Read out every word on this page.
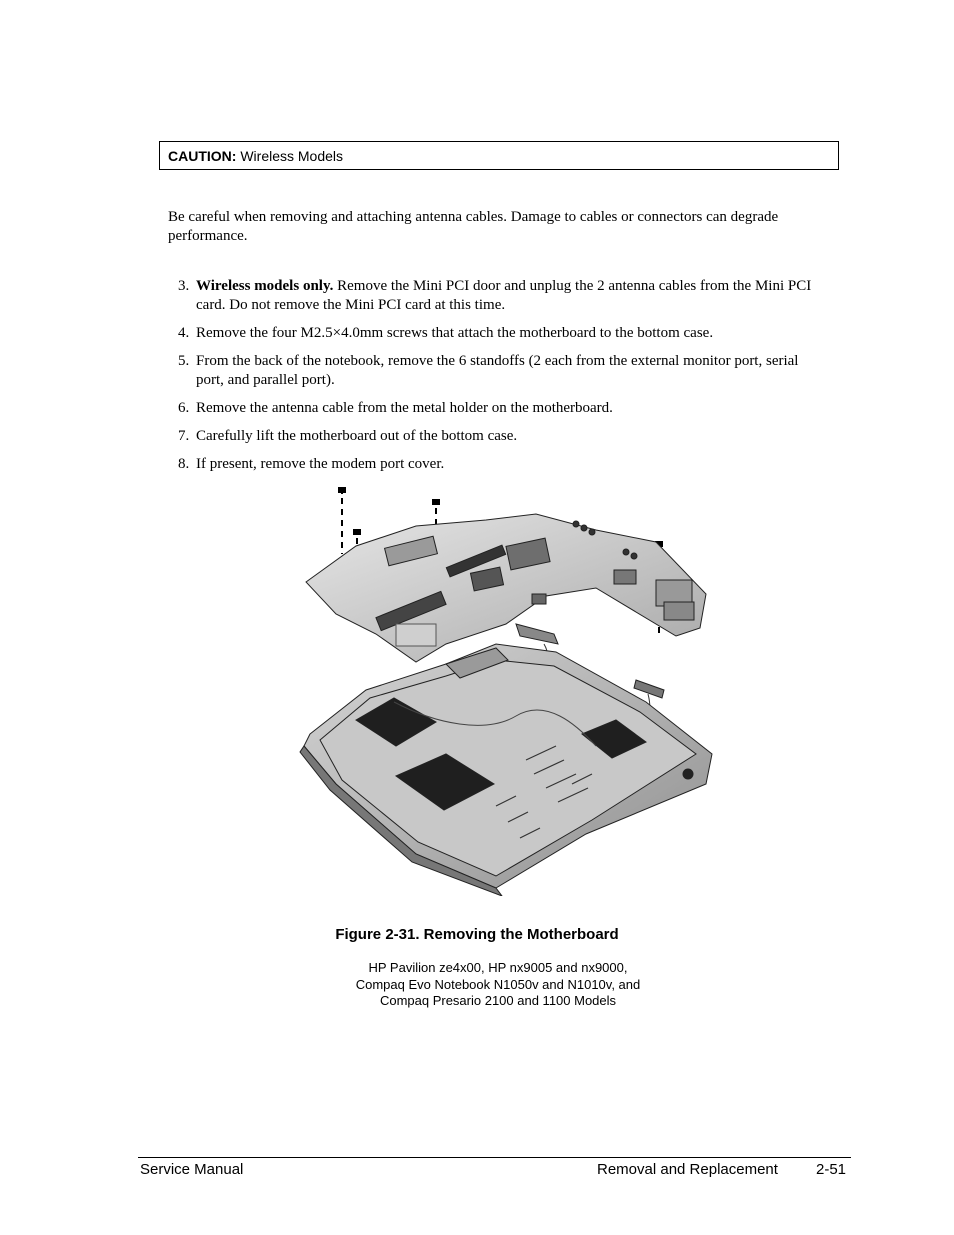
CAUTION: Wireless Models
Be careful when removing and attaching antenna cables. Damage to cables or connectors can degrade performance.
3. Wireless models only. Remove the Mini PCI door and unplug the 2 antenna cables from the Mini PCI card. Do not remove the Mini PCI card at this time.
4. Remove the four M2.5×4.0mm screws that attach the motherboard to the bottom case.
5. From the back of the notebook, remove the 6 standoffs (2 each from the external monitor port, serial port, and parallel port).
6. Remove the antenna cable from the metal holder on the motherboard.
7. Carefully lift the motherboard out of the bottom case.
8. If present, remove the modem port cover.
Figure 2-31. Removing the Motherboard
HP Pavilion ze4x00, HP nx9005 and nx9000,
Compaq Evo Notebook N1050v and N1010v, and
Compaq Presario 2100 and 1100 Models
Service Manual	Removal and Replacement	2-51
